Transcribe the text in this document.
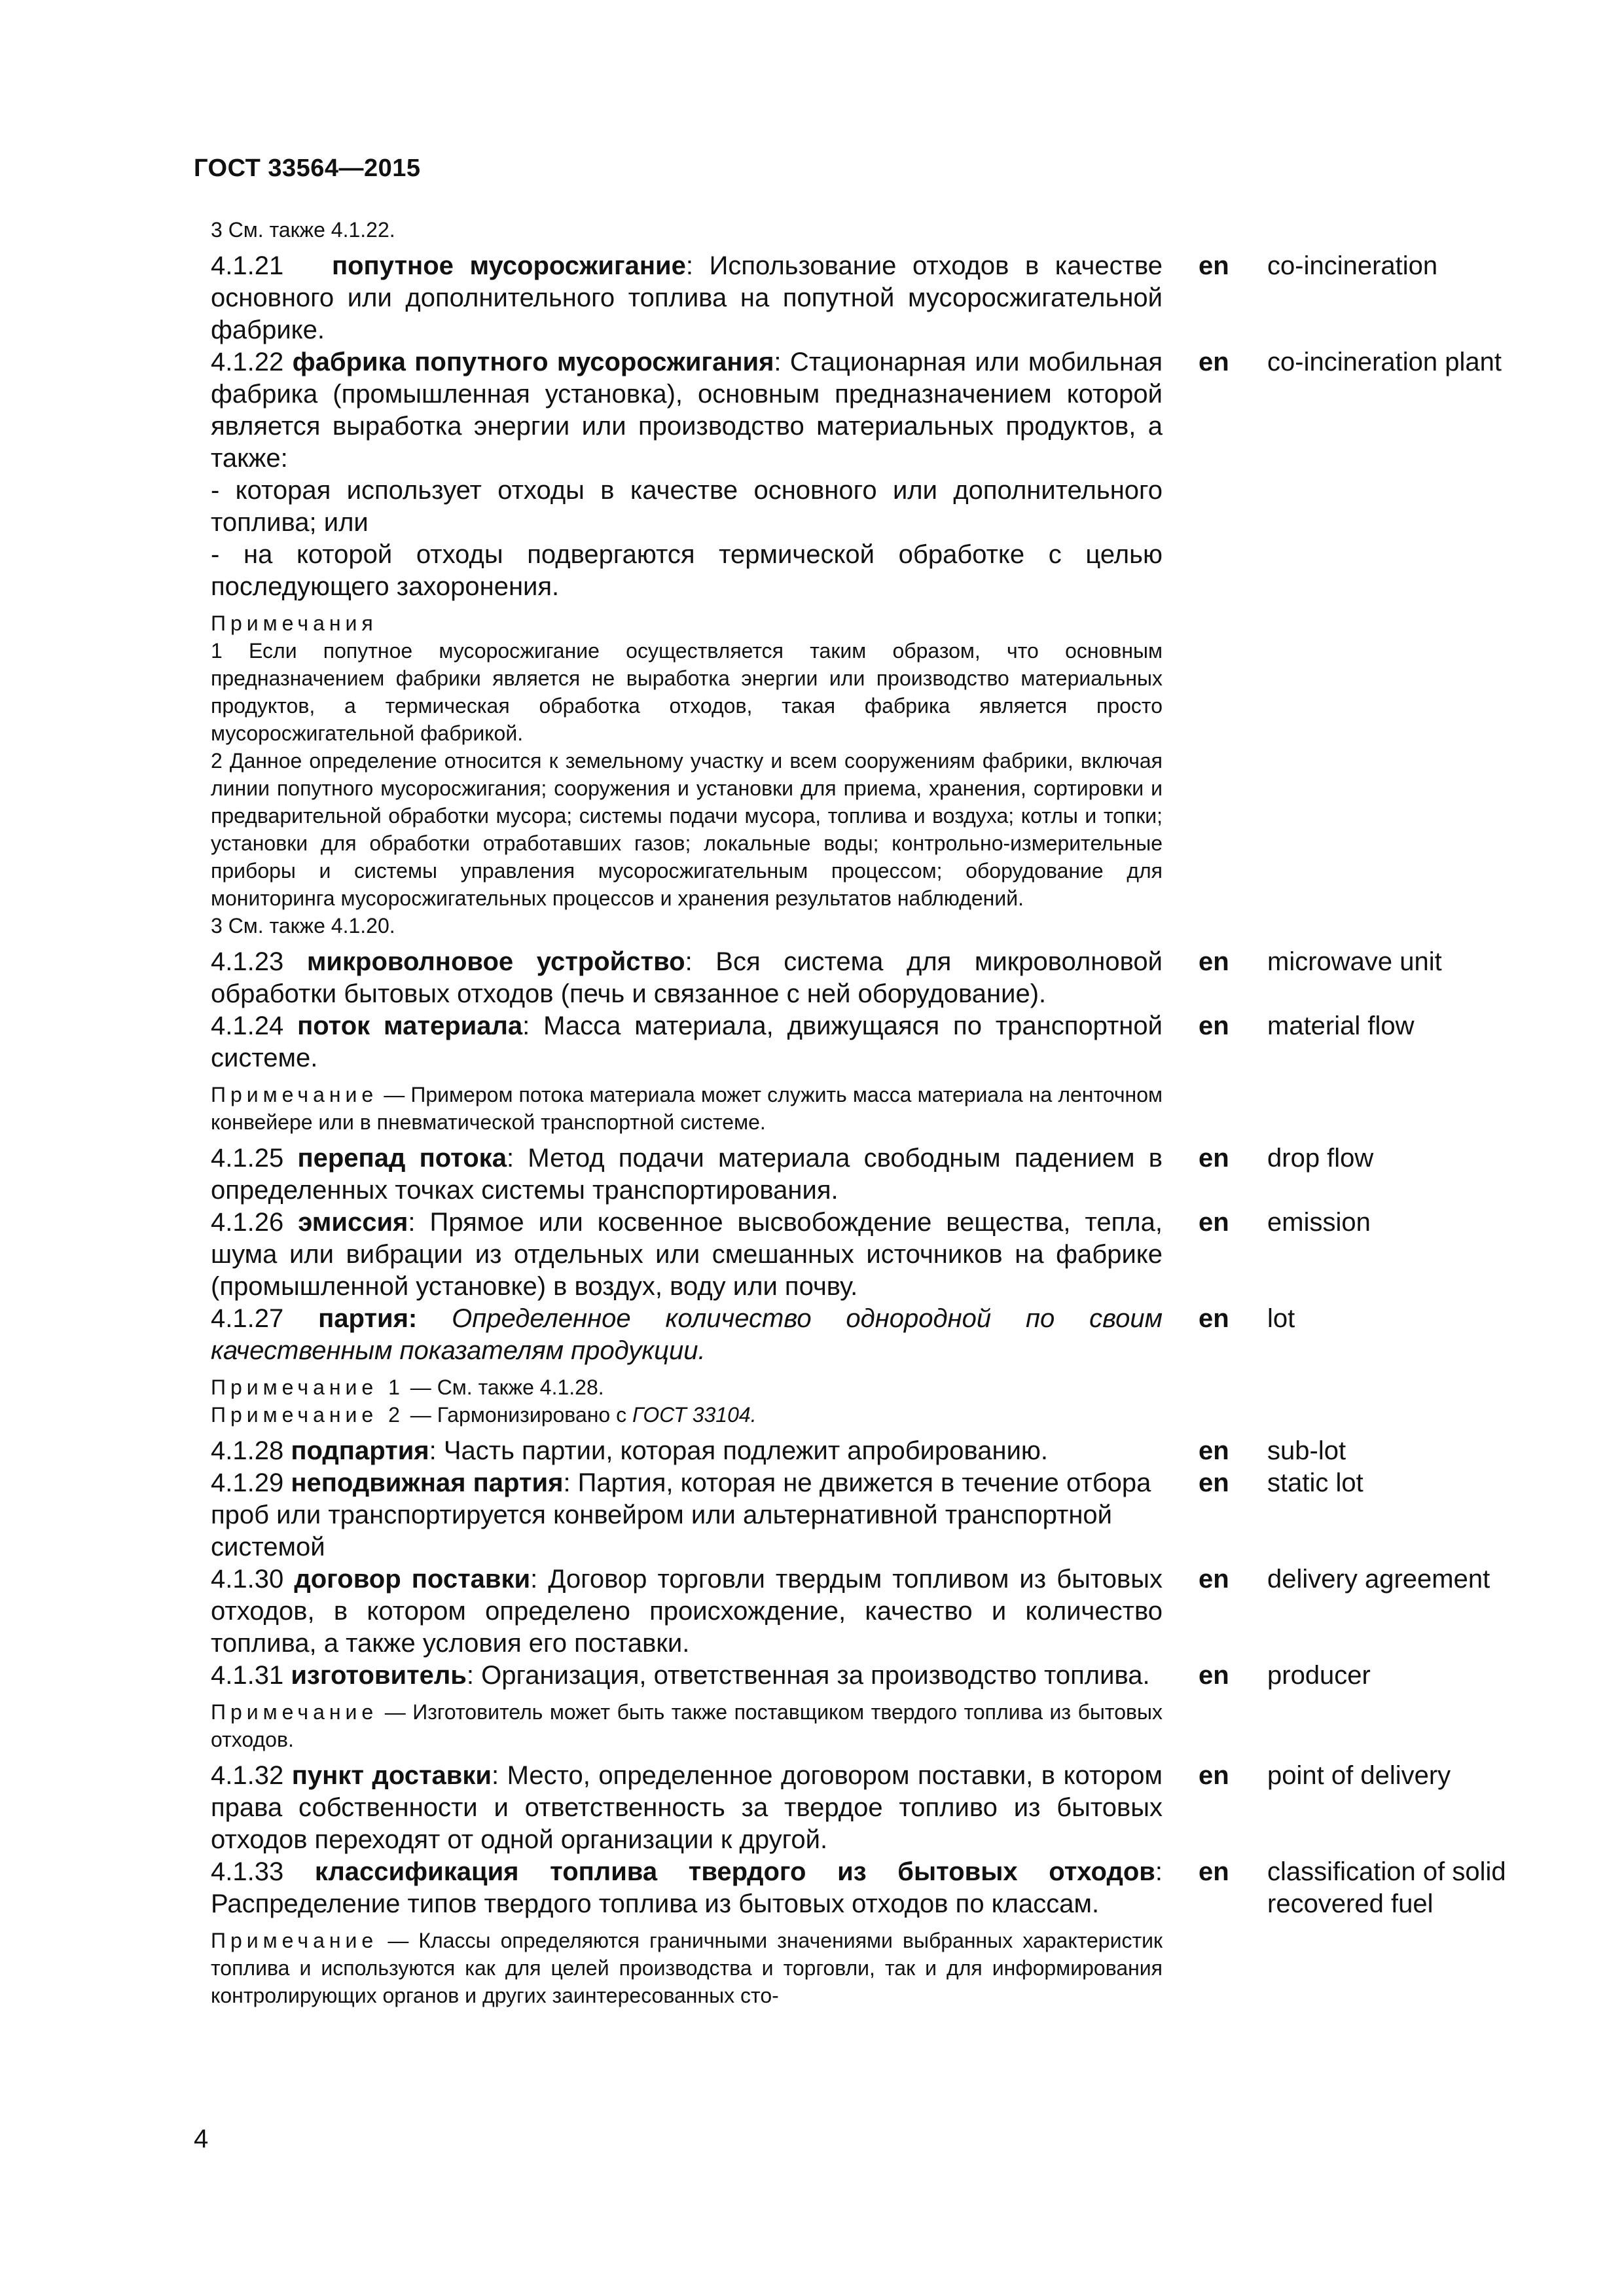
ГОСТ 33564—2015
3 См. также 4.1.22.
4.1.21 попутное мусоросжигание: Использование отходов в качестве основного или дополнительного топлива на попутной мусоросжигательной фабрике.
en	co-incineration
4.1.22 фабрика попутного мусоросжигания: Стационарная или мобильная фабрика (промышленная установка), основным предназначением которой является выработка энергии или производство материальных продуктов, а также:
- которая использует отходы в качестве основного или дополнительного топлива; или
- на которой отходы подвергаются термической обработке с целью последующего захоронения.
en	co-incineration plant
Примечания
1 Если попутное мусоросжигание осуществляется таким образом, что основным предназначением фабрики является не выработка энергии или производство материальных продуктов, а термическая обработка отходов, такая фабрика является просто мусоросжигательной фабрикой.
2 Данное определение относится к земельному участку и всем сооружениям фабрики, включая линии попутного мусоросжигания; сооружения и установки для приема, хранения, сортировки и предварительной обработки мусора; системы подачи мусора, топлива и воздуха; котлы и топки; установки для обработки отработавших газов; локальные воды; контрольно-измерительные приборы и системы управления мусоросжигательным процессом; оборудование для мониторинга мусоросжигательных процессов и хранения результатов наблюдений.
3 См. также 4.1.20.
4.1.23 микроволновое устройство: Вся система для микроволновой обработки бытовых отходов (печь и связанное с ней оборудование).
en	microwave unit
4.1.24 поток материала: Масса материала, движущаяся по транспортной системе.
en	material flow
Примечание — Примером потока материала может служить масса материала на ленточном конвейере или в пневматической транспортной системе.
4.1.25 перепад потока: Метод подачи материала свободным падением в определенных точках системы транспортирования.
en	drop flow
4.1.26 эмиссия: Прямое или косвенное высвобождение вещества, тепла, шума или вибрации из отдельных или смешанных источников на фабрике (промышленной установке) в воздух, воду или почву.
en	emission
4.1.27 партия: Определенное количество однородной по своим качественным показателям продукции.
en	lot
Примечание 1 — См. также 4.1.28.
Примечание 2 — Гармонизировано с ГОСТ 33104.
4.1.28 подпартия: Часть партии, которая подлежит апробированию.	en	sub-lot
4.1.29 неподвижная партия: Партия, которая не движется в течение отбора проб или транспортируется конвейром или альтернативной транспортной системой
en	static lot
4.1.30 договор поставки: Договор торговли твердым топливом из бытовых отходов, в котором определено происхождение, качество и количество топлива, а также условия его поставки.
en	delivery agreement
4.1.31 изготовитель: Организация, ответственная за производство топлива.	en	producer
Примечание — Изготовитель может быть также поставщиком твердого топлива из бытовых отходов.
4.1.32 пункт доставки: Место, определенное договором поставки, в котором права собственности и ответственность за твердое топливо из бытовых отходов переходят от одной организации к другой.
en	point of delivery
4.1.33 классификация топлива твердого из бытовых отходов: Распределение типов твердого топлива из бытовых отходов по классам.
Примечание — Классы определяются граничными значениями выбранных характеристик топлива и используются как для целей производства и торговли, так и для информирования контролирующих органов и других заинтересованных сто-
en	classification of solid recovered fuel
4
